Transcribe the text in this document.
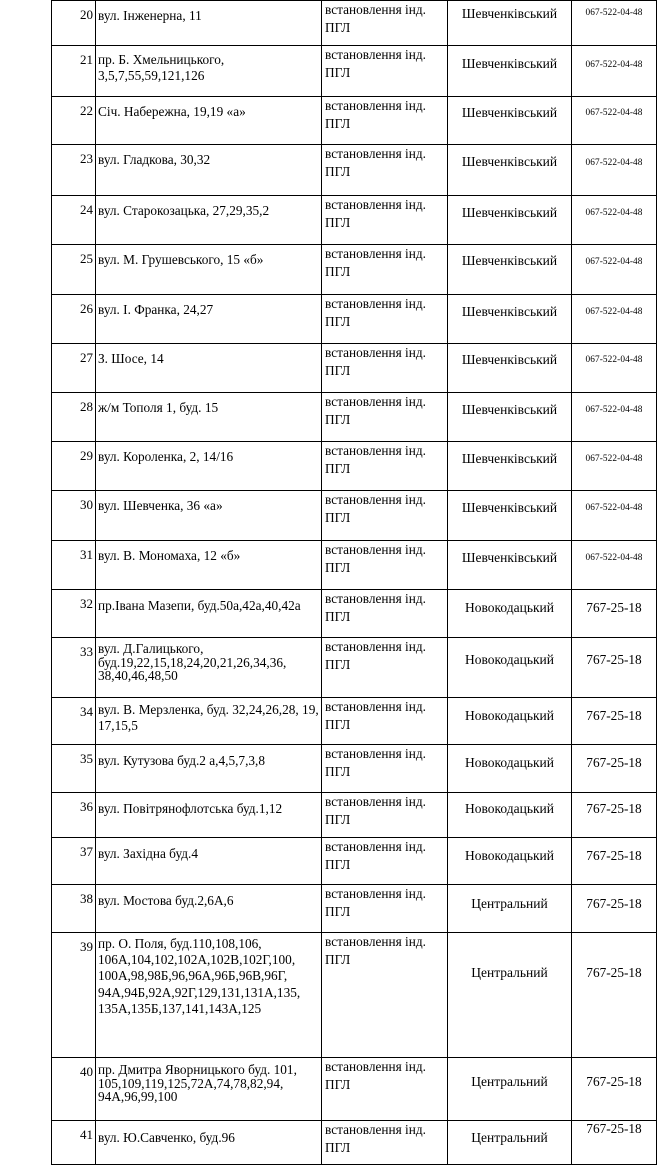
20	вул. Інженерна, 11	встановлення інд. ПГЛ	Шевченківський	067-522-04-48
21	пр. Б. Хмельницького, 3,5,7,55,59,121,126	встановлення інд. ПГЛ	Шевченківський	067-522-04-48
22	Січ. Набережна, 19,19 «а»	встановлення інд. ПГЛ	Шевченківський	067-522-04-48
23	вул. Гладкова, 30,32	встановлення інд. ПГЛ	Шевченківський	067-522-04-48
24	вул. Старокозацька, 27,29,35,2	встановлення інд. ПГЛ	Шевченківський	067-522-04-48
25	вул. М. Грушевського, 15 «б»	встановлення інд. ПГЛ	Шевченківський	067-522-04-48
26	вул. І. Франка, 24,27	встановлення інд. ПГЛ	Шевченківський	067-522-04-48
27	З. Шосе, 14	встановлення інд. ПГЛ	Шевченківський	067-522-04-48
28	ж/м Тополя 1, буд. 15	встановлення інд. ПГЛ	Шевченківський	067-522-04-48
29	вул. Короленка, 2, 14/16	встановлення інд. ПГЛ	Шевченківський	067-522-04-48
30	вул. Шевченка, 36 «а»	встановлення інд. ПГЛ	Шевченківський	067-522-04-48
31	вул. В. Мономаха, 12 «б»	встановлення інд. ПГЛ	Шевченківський	067-522-04-48
32	пр.Івана Мазепи, буд.50а,42а,40,42а	встановлення інд. ПГЛ	Новокодацький	767-25-18
33	вул. Д.Галицького, буд.19,22,15,18,24,20,21,26,34,36, 38,40,46,48,50	встановлення інд. ПГЛ	Новокодацький	767-25-18
34	вул. В. Мерзленка, буд. 32,24,26,28, 19, 17,15,5	встановлення інд. ПГЛ	Новокодацький	767-25-18
35	вул. Кутузова буд.2 а,4,5,7,3,8	встановлення інд. ПГЛ	Новокодацький	767-25-18
36	вул. Повітрянофлотська буд.1,12	встановлення інд. ПГЛ	Новокодацький	767-25-18
37	вул. Західна буд.4	встановлення інд. ПГЛ	Новокодацький	767-25-18
38	вул. Мостова буд.2,6А,6	встановлення інд. ПГЛ	Центральний	767-25-18
39	пр. О. Поля, буд.110,108,106, 106А,104,102,102А,102В,102Г,100, 100А,98,98Б,96,96А,96Б,96В,96Г, 94А,94Б,92А,92Г,129,131,131А,135, 135А,135Б,137,141,143А,125	встановлення інд. ПГЛ	Центральний	767-25-18
40	пр. Дмитра Яворницького буд. 101, 105,109,119,125,72А,74,78,82,94, 94А,96,99,100	встановлення інд. ПГЛ	Центральний	767-25-18
41	вул. Ю.Савченко, буд.96	встановлення інд. ПГЛ	Центральний	767-25-18
